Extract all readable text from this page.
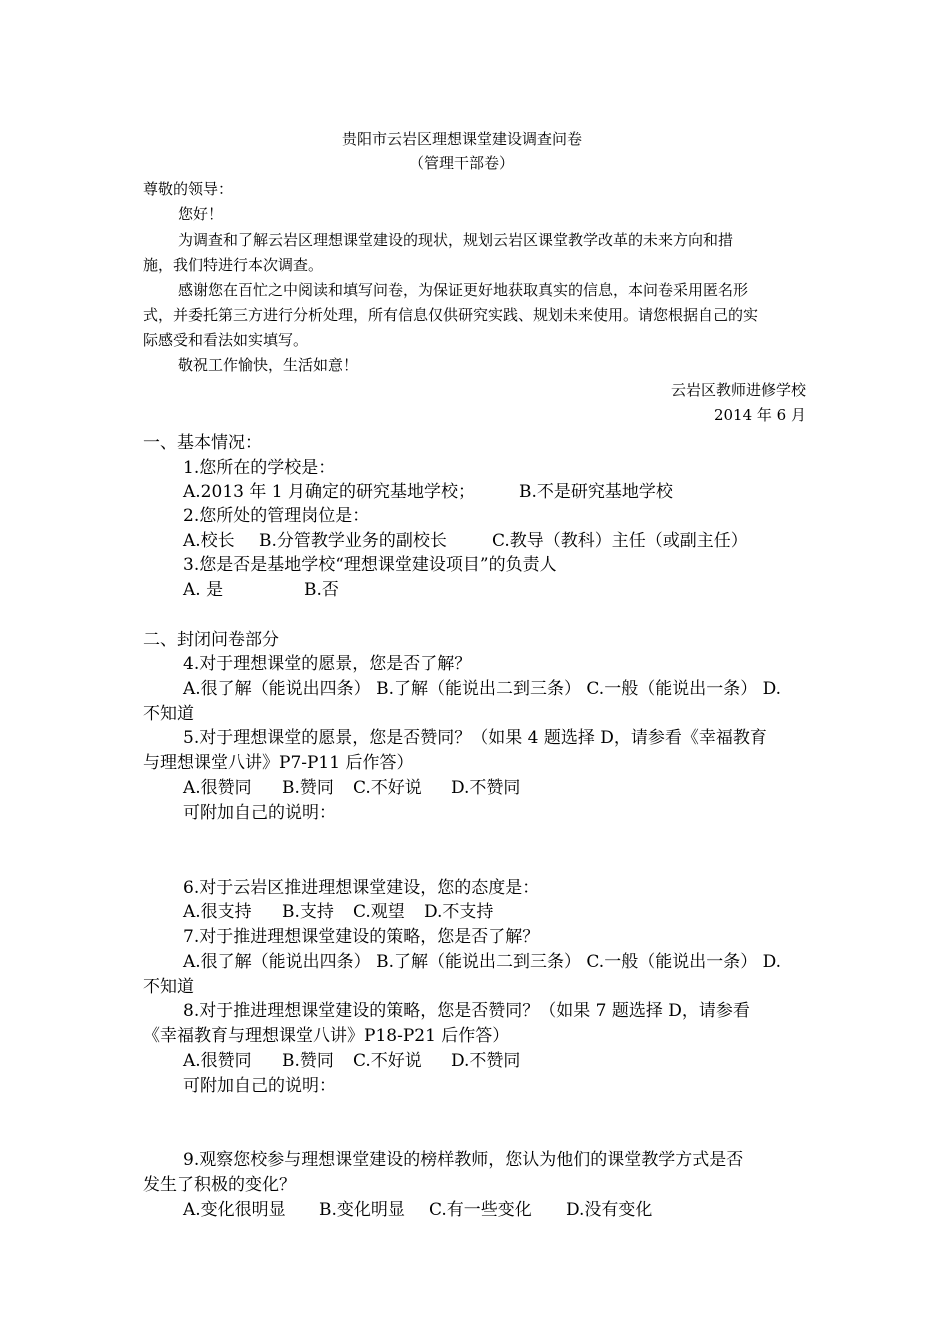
贵阳市云岩区理想课堂建设调查问卷
（管理干部卷）
尊敬的领导：
您好！
为调查和了解云岩区理想课堂建设的现状，规划云岩区课堂教学改革的未来方向和措
施，我们特进行本次调查。
感谢您在百忙之中阅读和填写问卷，为保证更好地获取真实的信息，本问卷采用匿名形
式，并委托第三方进行分析处理，所有信息仅供研究实践、规划未来使用。请您根据自己的实
际感受和看法如实填写。
敬祝工作愉快，生活如意！
云岩区教师进修学校
2014 年 6 月
一、基本情况：
1.您所在的学校是：
A.2013 年 1 月确定的研究基地学校；	B.不是研究基地学校
2.您所处的管理岗位是：
A.校长 B.分管教学业务的副校长	C.教导（教科）主任（或副主任）
3.您是否是基地学校“理想课堂建设项目”的负责人
A. 是	B.否
二、封闭问卷部分
4.对于理想课堂的愿景，您是否了解？
A.很了解（能说出四条） B.了解（能说出二到三条） C.一般（能说出一条） D.
不知道
5.对于理想课堂的愿景，您是否赞同？（如果 4 题选择 D，请参看《幸福教育
与理想课堂八讲》P7-P11 后作答）
A.很赞同 B.赞同 C.不好说 D.不赞同
可附加自己的说明：
6.对于云岩区推进理想课堂建设，您的态度是：
A.很支持 B.支持 C.观望 D.不支持
7.对于推进理想课堂建设的策略，您是否了解？
A.很了解（能说出四条） B.了解（能说出二到三条） C.一般（能说出一条） D.
不知道
8.对于推进理想课堂建设的策略，您是否赞同？（如果 7 题选择 D，请参看
《幸福教育与理想课堂八讲》P18-P21 后作答）
A.很赞同 B.赞同 C.不好说 D.不赞同
可附加自己的说明：
9.观察您校参与理想课堂建设的榜样教师，您认为他们的课堂教学方式是否
发生了积极的变化？
A.变化很明显 B.变化明显 C.有一些变化 D.没有变化
